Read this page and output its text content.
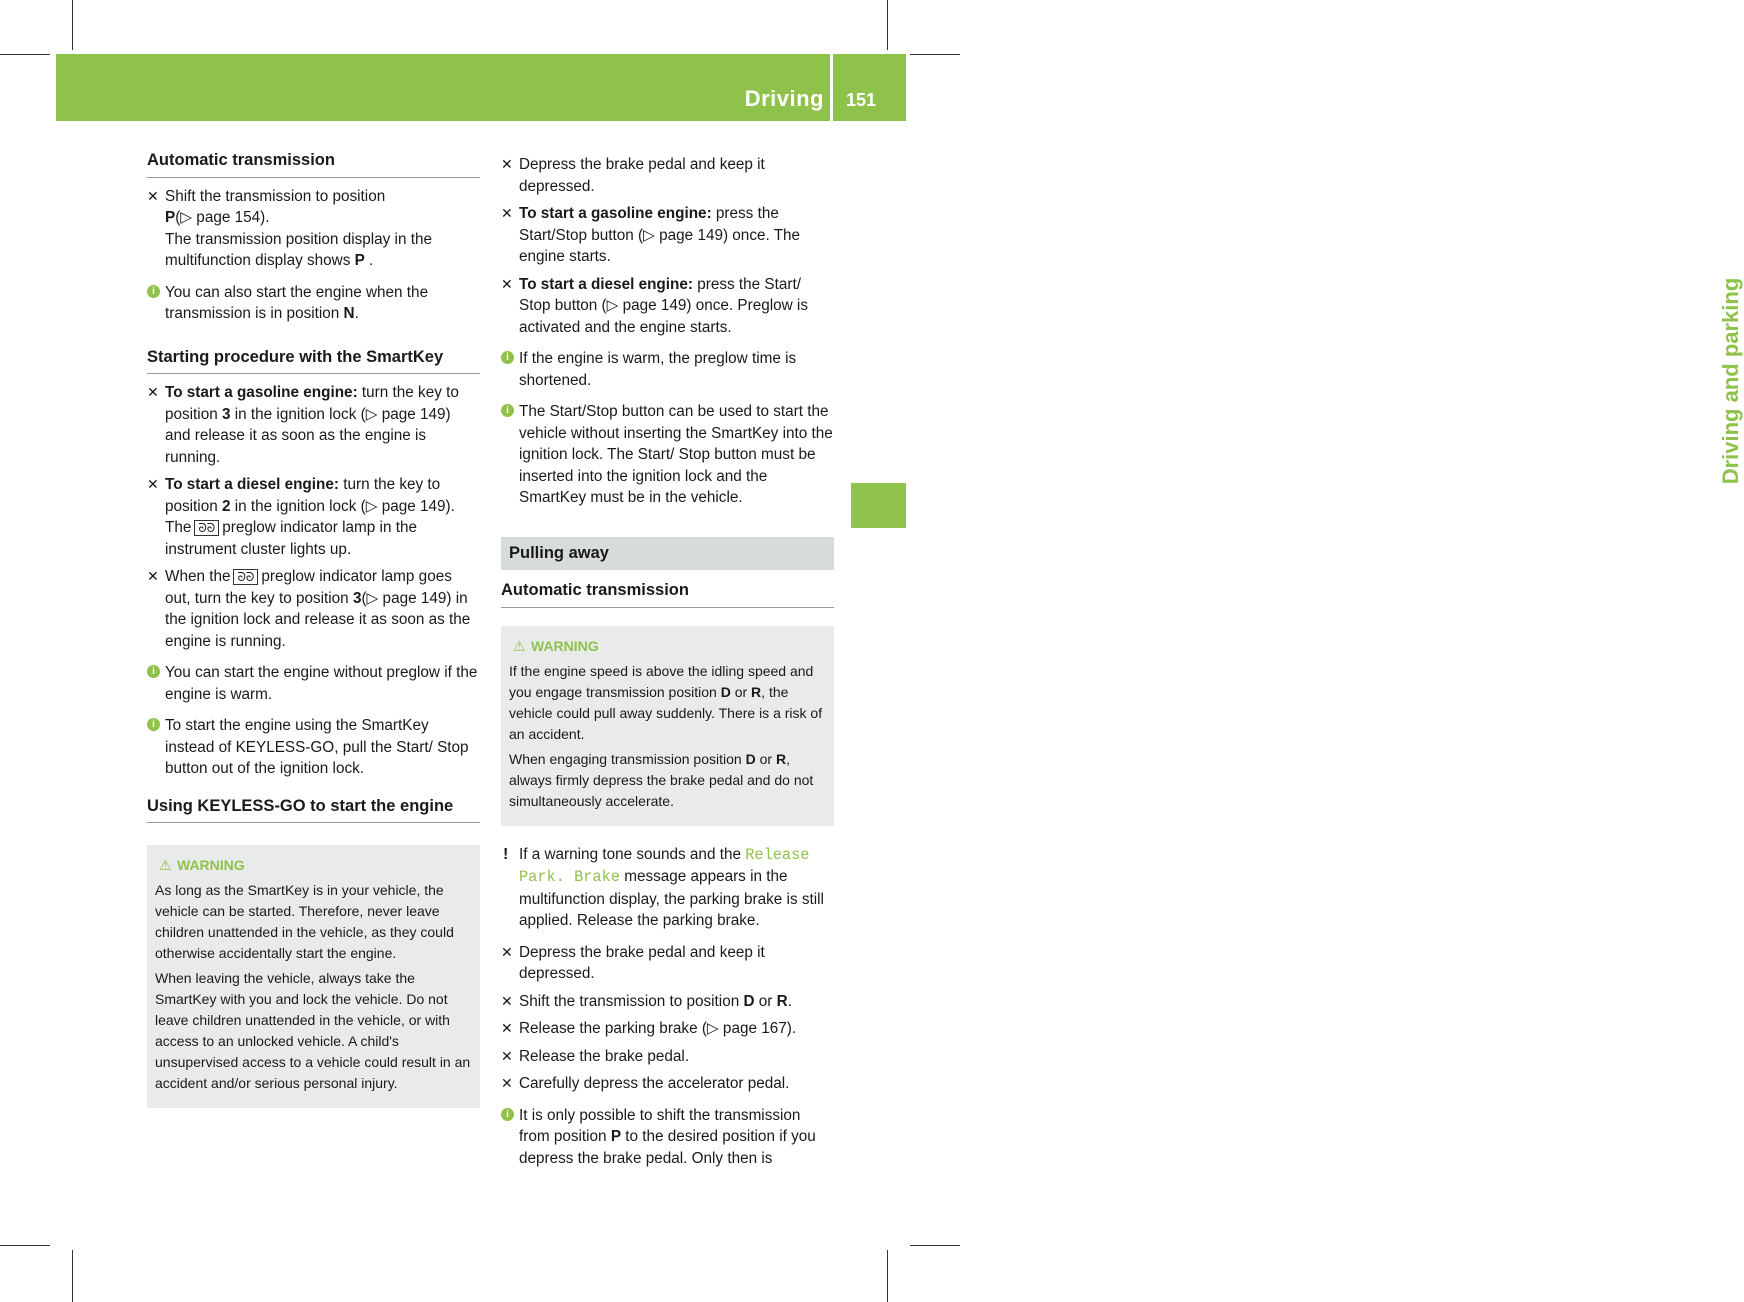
Driving 151
Driving and parking
Automatic transmission
✕ Shift the transmission to position
P(▷ page 154).
The transmission position display in the multifunction display shows P .
i You can also start the engine when the transmission is in position N.
Starting procedure with the SmartKey
✕ To start a gasoline engine: turn the key to position 3 in the ignition lock (▷ page 149) and release it as soon as the engine is running.
✕ To start a diesel engine: turn the key to position 2 in the ignition lock (▷ page 149).
The ᘐᘐ preglow indicator lamp in the instrument cluster lights up.
✕ When the ᘐᘐ preglow indicator lamp goes out, turn the key to position 3(▷ page 149) in the ignition lock and release it as soon as the engine is running.
i You can start the engine without preglow if the engine is warm.
i To start the engine using the SmartKey instead of KEYLESS-GO, pull the Start/ Stop button out of the ignition lock.
Using KEYLESS-GO to start the engine
⚠ WARNING

As long as the SmartKey is in your vehicle, the vehicle can be started. Therefore, never leave children unattended in the vehicle, as they could otherwise accidentally start the engine.

When leaving the vehicle, always take the SmartKey with you and lock the vehicle. Do not leave children unattended in the vehicle, or with access to an unlocked vehicle. A child's unsupervised access to a vehicle could result in an accident and/or serious personal injury.

✕ Depress the brake pedal and keep it depressed.
✕ To start a gasoline engine: press the Start/Stop button (▷ page 149) once. The engine starts.
✕ To start a diesel engine: press the Start/ Stop button (▷ page 149) once. Preglow is activated and the engine starts.
i If the engine is warm, the preglow time is shortened.
i The Start/Stop button can be used to start the vehicle without inserting the SmartKey into the ignition lock. The Start/ Stop button must be inserted into the ignition lock and the SmartKey must be in the vehicle.
Pulling away
Automatic transmission
⚠ WARNING

If the engine speed is above the idling speed and you engage transmission position D or R, the vehicle could pull away suddenly. There is a risk of an accident.

When engaging transmission position D or R, always firmly depress the brake pedal and do not simultaneously accelerate.

! If a warning tone sounds and the Release Park. Brake message appears in the multifunction display, the parking brake is still applied. Release the parking brake.
✕ Depress the brake pedal and keep it depressed.
✕ Shift the transmission to position D or R.
✕ Release the parking brake (▷ page 167).
✕ Release the brake pedal.
✕ Carefully depress the accelerator pedal.
i It is only possible to shift the transmission from position P to the desired position if you depress the brake pedal. Only then is
